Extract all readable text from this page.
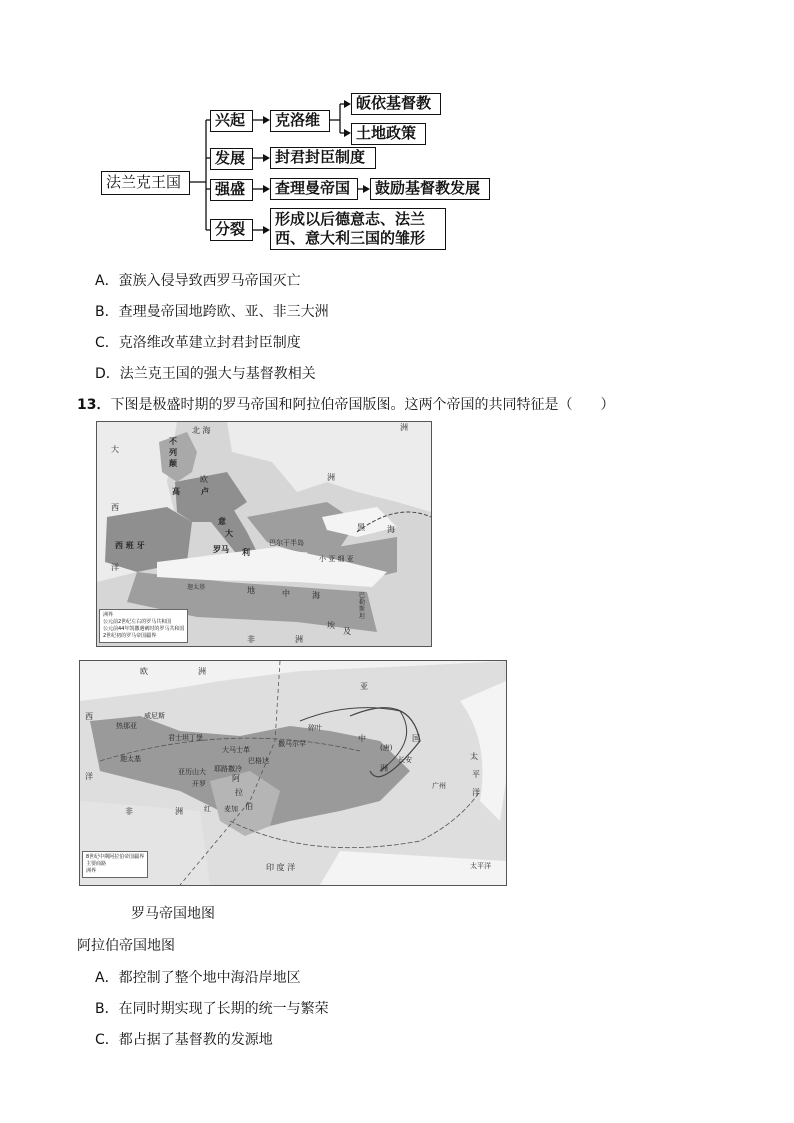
法兰克王国
兴起	克洛维
皈依基督教
土地政策
发展	封君封臣制度
强盛	查理曼帝国	鼓励基督教发展
分裂
形成以后德意志、法兰
西、意大利三国的雏形
A．蛮族入侵导致西罗马帝国灭亡
B．查理曼帝国地跨欧、亚、非三大洲
C．克洛维改革建立封君封臣制度
D．法兰克王国的强大与基督教相关
13．下图是极盛时期的罗马帝国和阿拉伯帝国版图。这两个帝国的共同特征是（　　）
大
西
洋
北 海
不
列
颠
欧
高	卢
洲
西 班 牙
意
大
罗马 利
巴尔干半岛
小 亚 细 亚
黑	海
迦太基	地	中	海	巴勒斯坦
埃
及
非	洲
洲
洲界
公元前2世纪左右的罗马共和国
公元前44年凯撒遇刺时的罗马共和国
2世纪初的罗马帝国疆界
欧	洲
西
洋
威尼斯
热那亚
君士坦丁堡
迦太基
亚历山大
开罗
大马士革
巴格达
耶路撒冷
撒马尔罕
碎叶
中	国
(唐)
长安
广州
亚
洲
非	洲
阿
拉
伯
麦加
红
印 度 洋
太
平
洋
太平洋
8世纪中期阿拉伯帝国疆界
主要商路
洲界
罗马帝国地图
阿拉伯帝国地图
A．都控制了整个地中海沿岸地区
B．在同时期实现了长期的统一与繁荣
C．都占据了基督教的发源地
